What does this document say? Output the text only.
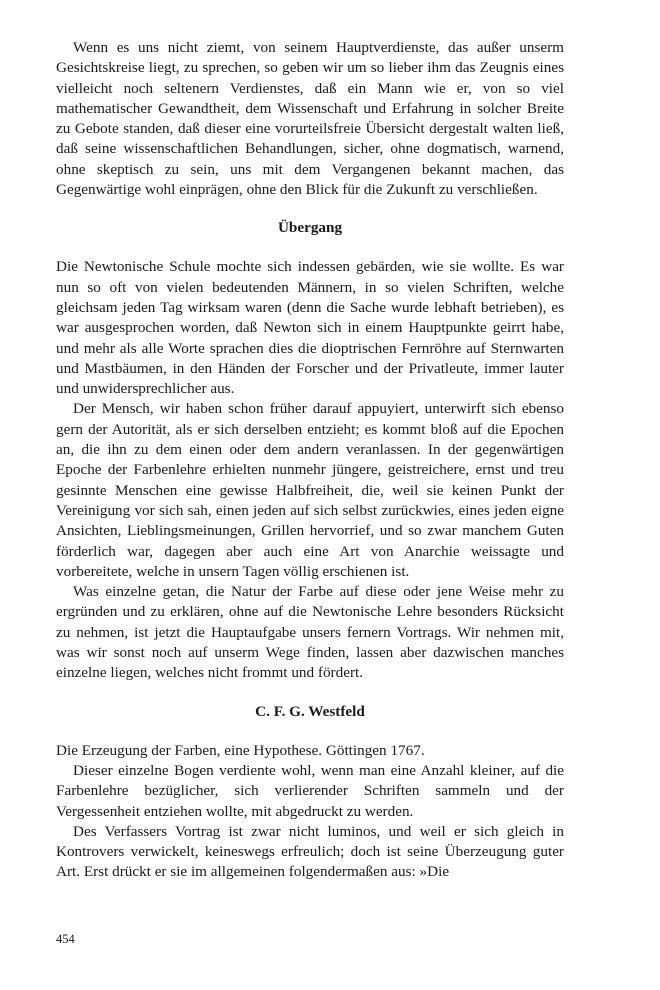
Wenn es uns nicht ziemt, von seinem Hauptverdienste, das außer unserm Gesichtskreise liegt, zu sprechen, so geben wir um so lieber ihm das Zeugnis eines vielleicht noch seltenern Verdienstes, daß ein Mann wie er, von so viel mathematischer Gewandtheit, dem Wissenschaft und Erfahrung in solcher Breite zu Gebote standen, daß dieser eine vorurteilsfreie Übersicht dergestalt walten ließ, daß seine wissenschaftlichen Behandlungen, sicher, ohne dogmatisch, warnend, ohne skeptisch zu sein, uns mit dem Vergangenen bekannt machen, das Gegenwärtige wohl einprägen, ohne den Blick für die Zukunft zu verschließen.

Übergang

Die Newtonische Schule mochte sich indessen gebärden, wie sie wollte. Es war nun so oft von vielen bedeutenden Männern, in so vielen Schriften, welche gleichsam jeden Tag wirksam waren (denn die Sache wurde lebhaft betrieben), es war ausgesprochen worden, daß Newton sich in einem Hauptpunkte geirrt habe, und mehr als alle Worte sprachen dies die dioptrischen Fernröhre auf Sternwarten und Mastbäumen, in den Händen der Forscher und der Privatleute, immer lauter und unwidersprechlicher aus.

Der Mensch, wir haben schon früher darauf appuyiert, unterwirft sich ebenso gern der Autorität, als er sich derselben entzieht; es kommt bloß auf die Epochen an, die ihn zu dem einen oder dem andern veranlassen. In der gegenwärtigen Epoche der Farbenlehre erhielten nunmehr jüngere, geistreichere, ernst und treu gesinnte Menschen eine gewisse Halbfreiheit, die, weil sie keinen Punkt der Vereinigung vor sich sah, einen jeden auf sich selbst zurückwies, eines jeden eigne Ansichten, Lieblingsmeinungen, Grillen hervorrief, und so zwar manchem Guten förderlich war, dagegen aber auch eine Art von Anarchie weissagte und vorbereitete, welche in unsern Tagen völlig erschienen ist.

Was einzelne getan, die Natur der Farbe auf diese oder jene Weise mehr zu ergründen und zu erklären, ohne auf die Newtonische Lehre besonders Rücksicht zu nehmen, ist jetzt die Hauptaufgabe unsers fernern Vortrags. Wir nehmen mit, was wir sonst noch auf unserm Wege finden, lassen aber dazwischen manches einzelne liegen, welches nicht frommt und fördert.

C. F. G. Westfeld

Die Erzeugung der Farben, eine Hypothese. Göttingen 1767.

Dieser einzelne Bogen verdiente wohl, wenn man eine Anzahl kleiner, auf die Farbenlehre bezüglicher, sich verlierender Schriften sammeln und der Vergessenheit entziehen wollte, mit abgedruckt zu werden.

Des Verfassers Vortrag ist zwar nicht luminos, und weil er sich gleich in Kontrovers verwickelt, keineswegs erfreulich; doch ist seine Überzeugung guter Art. Erst drückt er sie im allgemeinen folgendermaßen aus: »Die

454
